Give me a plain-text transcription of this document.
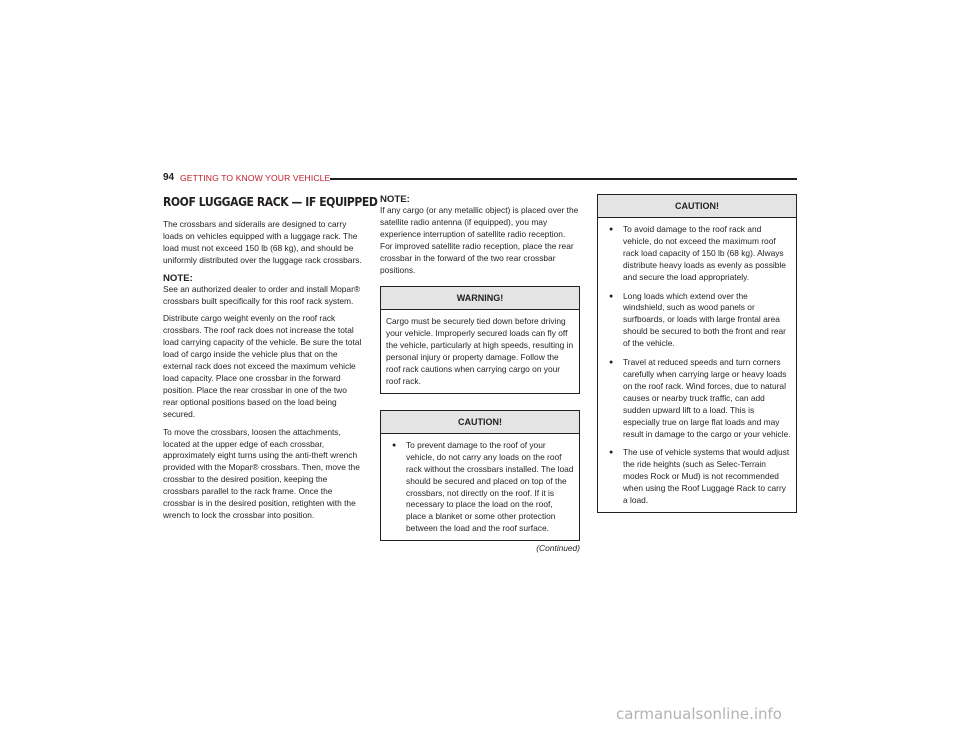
94 GETTING TO KNOW YOUR VEHICLE
ROOF LUGGAGE RACK — IF EQUIPPED

The crossbars and siderails are designed to carry loads on vehicles equipped with a luggage rack. The load must not exceed 150 lb (68 kg), and should be uniformly distributed over the luggage rack crossbars.

NOTE:

See an authorized dealer to order and install Mopar® crossbars built specifically for this roof rack system.

Distribute cargo weight evenly on the roof rack crossbars. The roof rack does not increase the total load carrying capacity of the vehicle. Be sure the total load of cargo inside the vehicle plus that on the external rack does not exceed the maximum vehicle load capacity. Place one crossbar in the forward position. Place the rear crossbar in one of the two rear optional positions based on the load being secured.

To move the crossbars, loosen the attachments, located at the upper edge of each crossbar, approximately eight turns using the anti-theft wrench provided with the Mopar® crossbars. Then, move the crossbar to the desired position, keeping the crossbars parallel to the rack frame. Once the crossbar is in the desired position, retighten with the wrench to lock the crossbar into position.

NOTE:

If any cargo (or any metallic object) is placed over the satellite radio antenna (if equipped), you may experience interruption of satellite radio reception. For improved satellite radio reception, place the rear crossbar in the forward of the two rear crossbar positions.

WARNING!
Cargo must be securely tied down before driving your vehicle. Improperly secured loads can fly off the vehicle, particularly at high speeds, resulting in personal injury or property damage. Follow the roof rack cautions when carrying cargo on your roof rack.
CAUTION!
● To prevent damage to the roof of your vehicle, do not carry any loads on the roof rack without the crossbars installed. The load should be secured and placed on top of the crossbars, not directly on the roof. If it is necessary to place the load on the roof, place a blanket or some other protection between the load and the roof surface.
(Continued)
CAUTION!
● To avoid damage to the roof rack and vehicle, do not exceed the maximum roof rack load capacity of 150 lb (68 kg). Always distribute heavy loads as evenly as possible and secure the load appropriately.
● Long loads which extend over the windshield, such as wood panels or surfboards, or loads with large frontal area should be secured to both the front and rear of the vehicle.
● Travel at reduced speeds and turn corners carefully when carrying large or heavy loads on the roof rack. Wind forces, due to natural causes or nearby truck traffic, can add sudden upward lift to a load. This is especially true on large flat loads and may result in damage to the cargo or your vehicle.
● The use of vehicle systems that would adjust the ride heights (such as Selec-Terrain modes Rock or Mud) is not recommended when using the Roof Luggage Rack to carry a load.
carmanualsonline.info
